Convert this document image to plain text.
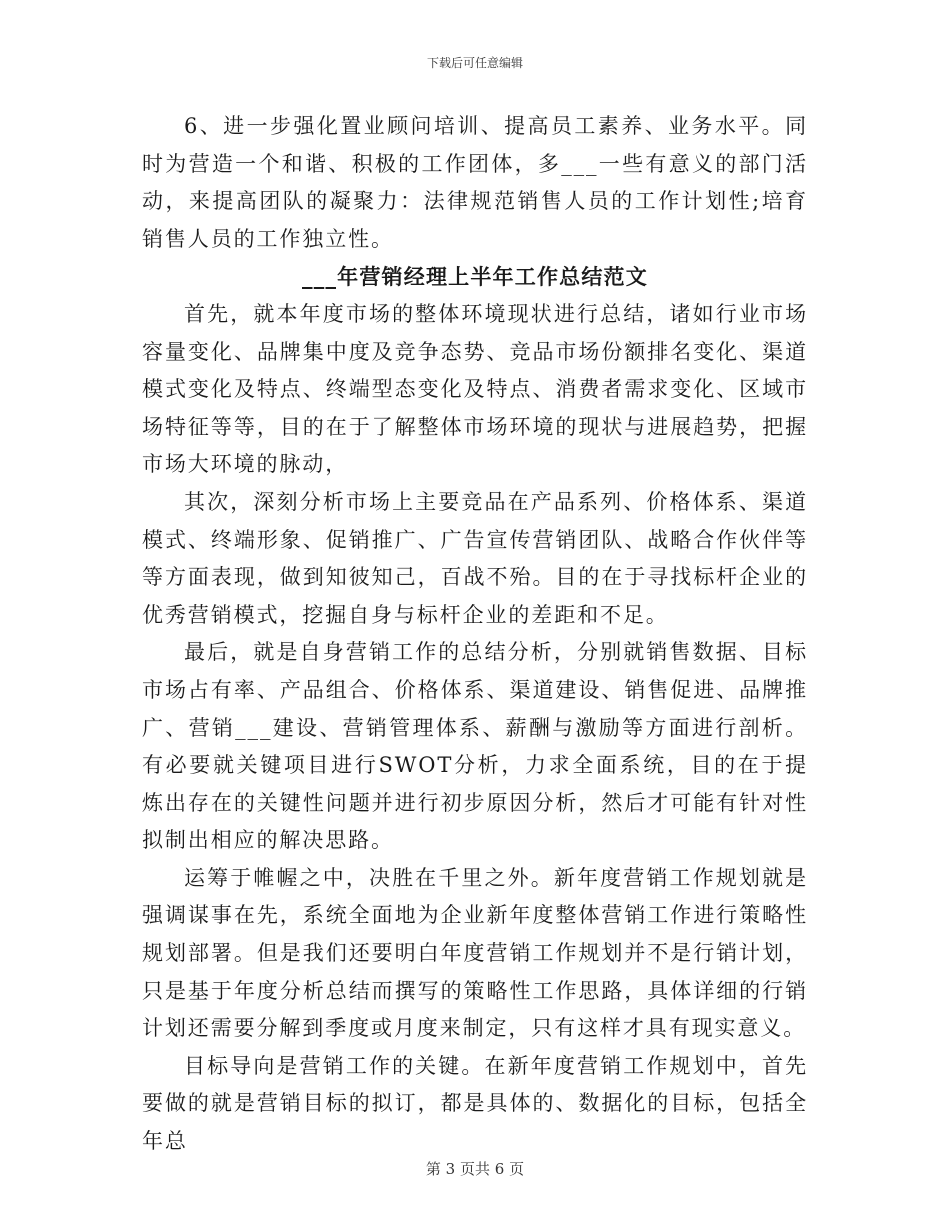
下载后可任意编辑

6、进一步强化置业顾问培训、提高员工素养、业务水平。同时为营造一个和谐、积极的工作团体，多___一些有意义的部门活动，来提高团队的凝聚力：法律规范销售人员的工作计划性;培育销售人员的工作独立性。

___年营销经理上半年工作总结范文

首先，就本年度市场的整体环境现状进行总结，诸如行业市场容量变化、品牌集中度及竞争态势、竞品市场份额排名变化、渠道模式变化及特点、终端型态变化及特点、消费者需求变化、区域市场特征等等，目的在于了解整体市场环境的现状与进展趋势，把握市场大环境的脉动，

其次，深刻分析市场上主要竞品在产品系列、价格体系、渠道模式、终端形象、促销推广、广告宣传营销团队、战略合作伙伴等等方面表现，做到知彼知己，百战不殆。目的在于寻找标杆企业的优秀营销模式，挖掘自身与标杆企业的差距和不足。

最后，就是自身营销工作的总结分析，分别就销售数据、目标市场占有率、产品组合、价格体系、渠道建设、销售促进、品牌推广、营销___建设、营销管理体系、薪酬与激励等方面进行剖析。有必要就关键项目进行SWOT分析，力求全面系统，目的在于提炼出存在的关键性问题并进行初步原因分析，然后才可能有针对性拟制出相应的解决思路。

运筹于帷幄之中，决胜在千里之外。新年度营销工作规划就是强调谋事在先，系统全面地为企业新年度整体营销工作进行策略性规划部署。但是我们还要明白年度营销工作规划并不是行销计划，只是基于年度分析总结而撰写的策略性工作思路，具体详细的行销计划还需要分解到季度或月度来制定，只有这样才具有现实意义。

目标导向是营销工作的关键。在新年度营销工作规划中，首先要做的就是营销目标的拟订，都是具体的、数据化的目标，包括全年总

第 3 页共 6 页
